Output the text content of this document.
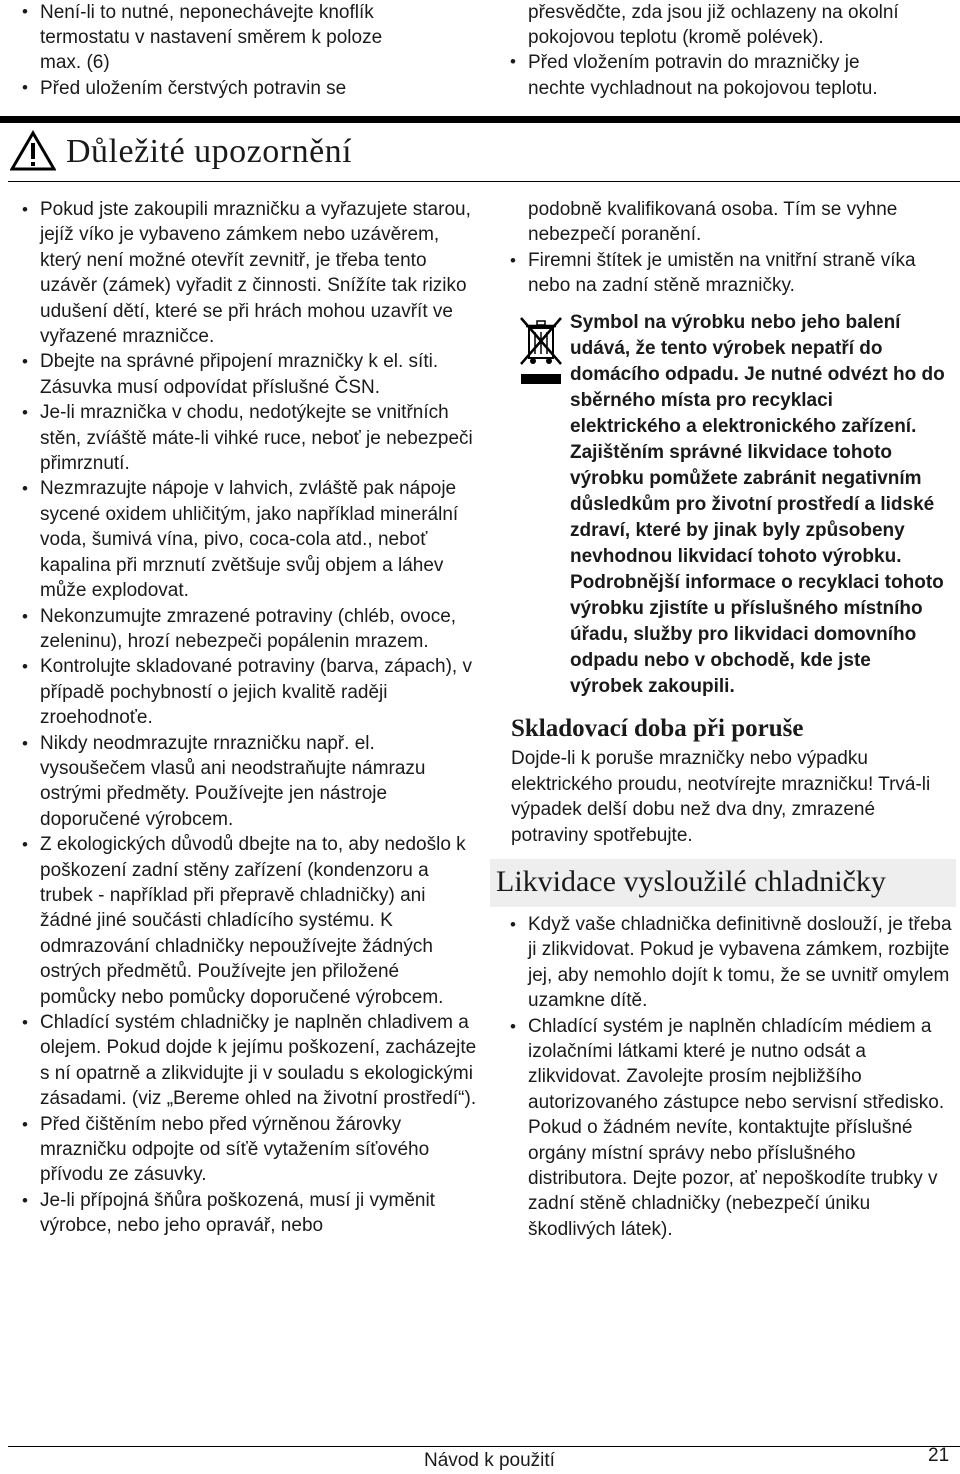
• Není-li to nutné, neponechávejte knoflík
termostatu v nastavení směrem k poloze
max. (6)
• Před uložením čerstvých potravin se
přesvědčte, zda jsou již ochlazeny na okolní
pokojovou teplotu (kromě polévek).
• Před vložením potravin do mrazničky je
nechte vychladnout na pokojovou teplotu.
Důležité upozornění
• Pokud jste zakoupili mrazničku a vyřazujete starou, jejíž víko je vybaveno zámkem nebo uzávěrem, který není možné otevřít zevnitř, je třeba tento uzávěr (zámek) vyřadit z činnosti. Snížíte tak riziko udušení dětí, které se při hrách mohou uzavřít ve vyřazené mrazničce.
• Dbejte na správné připojení mrazničky k el. síti. Zásuvka musí odpovídat příslušné ČSN.
• Je-li mraznička v chodu, nedotýkejte se vnitřních stěn, zvíáště máte-li vihké ruce, neboť je nebezpeči přimrznutí.
• Nezmrazujte nápoje v lahvich, zvláště pak nápoje sycené oxidem uhličitým, jako například minerální voda, šumivá vína, pivo, coca-cola atd., neboť kapalina při mrznutí zvětšuje svůj objem a láhev může explodovat.
• Nekonzumujte zmrazené potraviny (chléb, ovoce, zeleninu), hrozí nebezpeči popálenin mrazem.
• Kontrolujte skladované potraviny (barva, zápach), v případě pochybností o jejich kvalitě raději zroehodnoťe.
• Nikdy neodmrazujte rnrazničku např. el. vysoušečem vlasů ani neodstraňujte námrazu ostrými předměty. Používejte jen nástroje doporučené výrobcem.
• Z ekologických důvodů dbejte na to, aby nedošlo k poškození zadní stěny zařízení (kondenzoru a trubek - například při přepravě chladničky) ani žádné jiné součásti chladícího systému. K odmrazování chladničky nepoužívejte žádných ostrých předmětů. Používejte jen přiložené pomůcky nebo pomůcky doporučené výrobcem.
• Chladící systém chladničky je naplněn chladivem a olejem. Pokud dojde k jejímu poškození, zacházejte s ní opatrně a zlikvidujte ji v souladu s ekologickými zásadami. (viz „Bereme ohled na životní prostředí“).
• Před čištěním nebo před výrněnou žárovky mrazničku odpojte od síťě vytažením síťového přívodu ze zásuvky.
• Je-li přípojná šňůra poškozená, musí ji vyměnit výrobce, nebo jeho opravář, nebo
podobně kvalifikovaná osoba. Tím se vyhne nebezpečí poranění.
• Firemni štítek je umistěn na vnitřní straně víka nebo na zadní stěně mrazničky.
Symbol na výrobku nebo jeho balení udává, že tento výrobek nepatří do domácího odpadu. Je nutné odvézt ho do sběrného místa pro recyklaci elektrického a elektronického zařízení. Zajištěním správné likvidace tohoto výrobku pomůžete zabránit negativním důsledkům pro životní prostředí a lidské zdraví, které by jinak byly způsobeny nevhodnou likvidací tohoto výrobku. Podrobnější informace o recyklaci tohoto výrobku zjistíte u příslušného místního úřadu, služby pro likvidaci domovního odpadu nebo v obchodě, kde jste výrobek zakoupili.
Skladovací doba při poruše
Dojde-li k poruše mrazničky nebo výpadku elektrického proudu, neotvírejte mrazničku! Trvá-li výpadek delší dobu než dva dny, zmrazené potraviny spotřebujte.
Likvidace vysloužilé chladničky
• Když vaše chladnička definitivně doslouží, je třeba ji zlikvidovat. Pokud je vybavena zámkem, rozbijte jej, aby nemohlo dojít k tomu, že se uvnitř omylem uzamkne dítě.
• Chladící systém je naplněn chladícím médiem a izolačními látkami které je nutno odsát a zlikvidovat. Zavolejte prosím nejbližšího autorizovaného zástupce nebo servisní středisko. Pokud o žádném nevíte, kontaktujte příslušné orgány místní správy nebo příslušného distributora. Dejte pozor, ať nepoškodíte trubky v zadní stěně chladničky (nebezpečí úniku škodlivých látek).
Návod k použití	21
